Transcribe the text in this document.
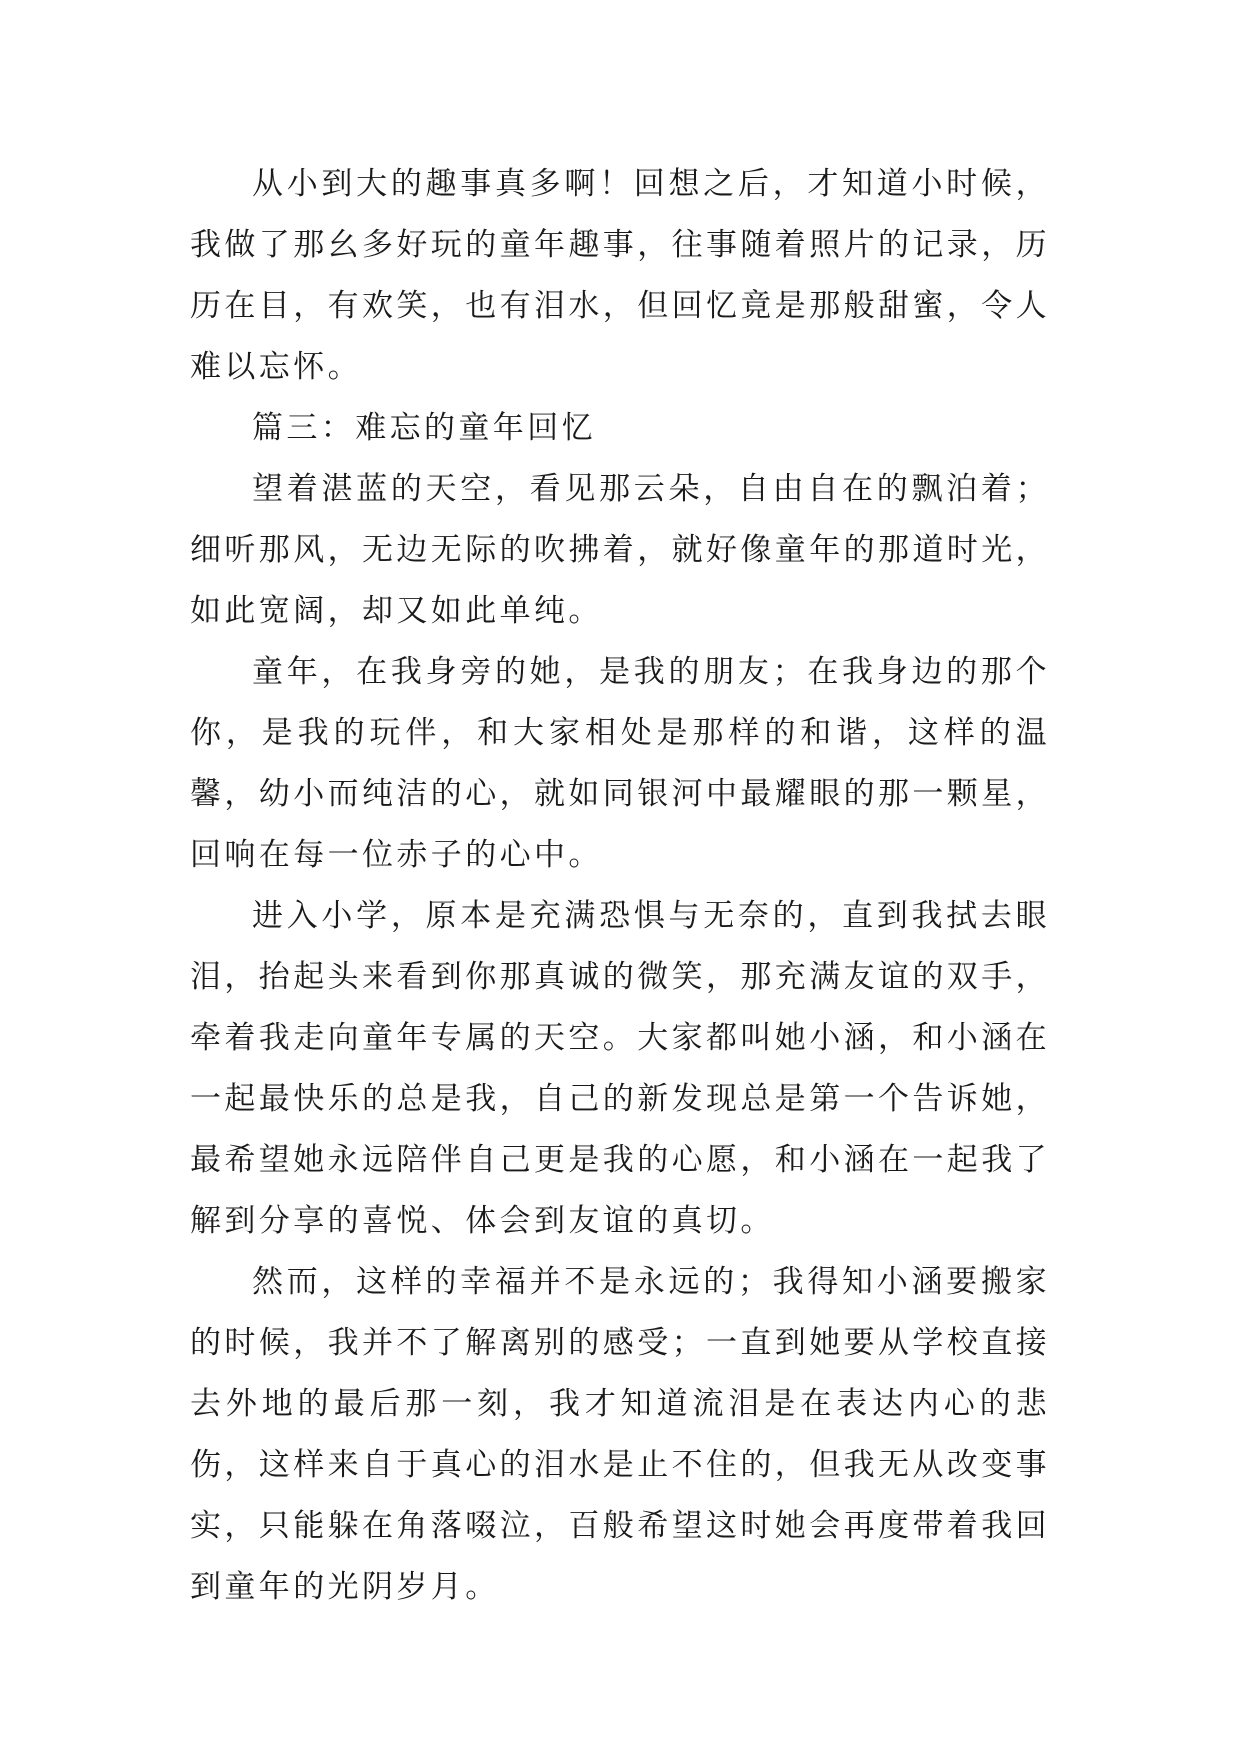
从小到大的趣事真多啊！回想之后，才知道小时候，我做了那幺多好玩的童年趣事，往事随着照片的记录，历历在目，有欢笑，也有泪水，但回忆竟是那般甜蜜，令人难以忘怀。

篇三：难忘的童年回忆

望着湛蓝的天空，看见那云朵，自由自在的飘泊着；细听那风，无边无际的吹拂着，就好像童年的那道时光，如此宽阔，却又如此单纯。

童年，在我身旁的她，是我的朋友；在我身边的那个你，是我的玩伴，和大家相处是那样的和谐，这样的温馨，幼小而纯洁的心，就如同银河中最耀眼的那一颗星，回响在每一位赤子的心中。

进入小学，原本是充满恐惧与无奈的，直到我拭去眼泪，抬起头来看到你那真诚的微笑，那充满友谊的双手，牵着我走向童年专属的天空。大家都叫她小涵，和小涵在一起最快乐的总是我，自己的新发现总是第一个告诉她，最希望她永远陪伴自己更是我的心愿，和小涵在一起我了解到分享的喜悦、体会到友谊的真切。

然而，这样的幸福并不是永远的；我得知小涵要搬家的时候，我并不了解离别的感受；一直到她要从学校直接去外地的最后那一刻，我才知道流泪是在表达内心的悲伤，这样来自于真心的泪水是止不住的，但我无从改变事实，只能躲在角落啜泣，百般希望这时她会再度带着我回到童年的光阴岁月。
